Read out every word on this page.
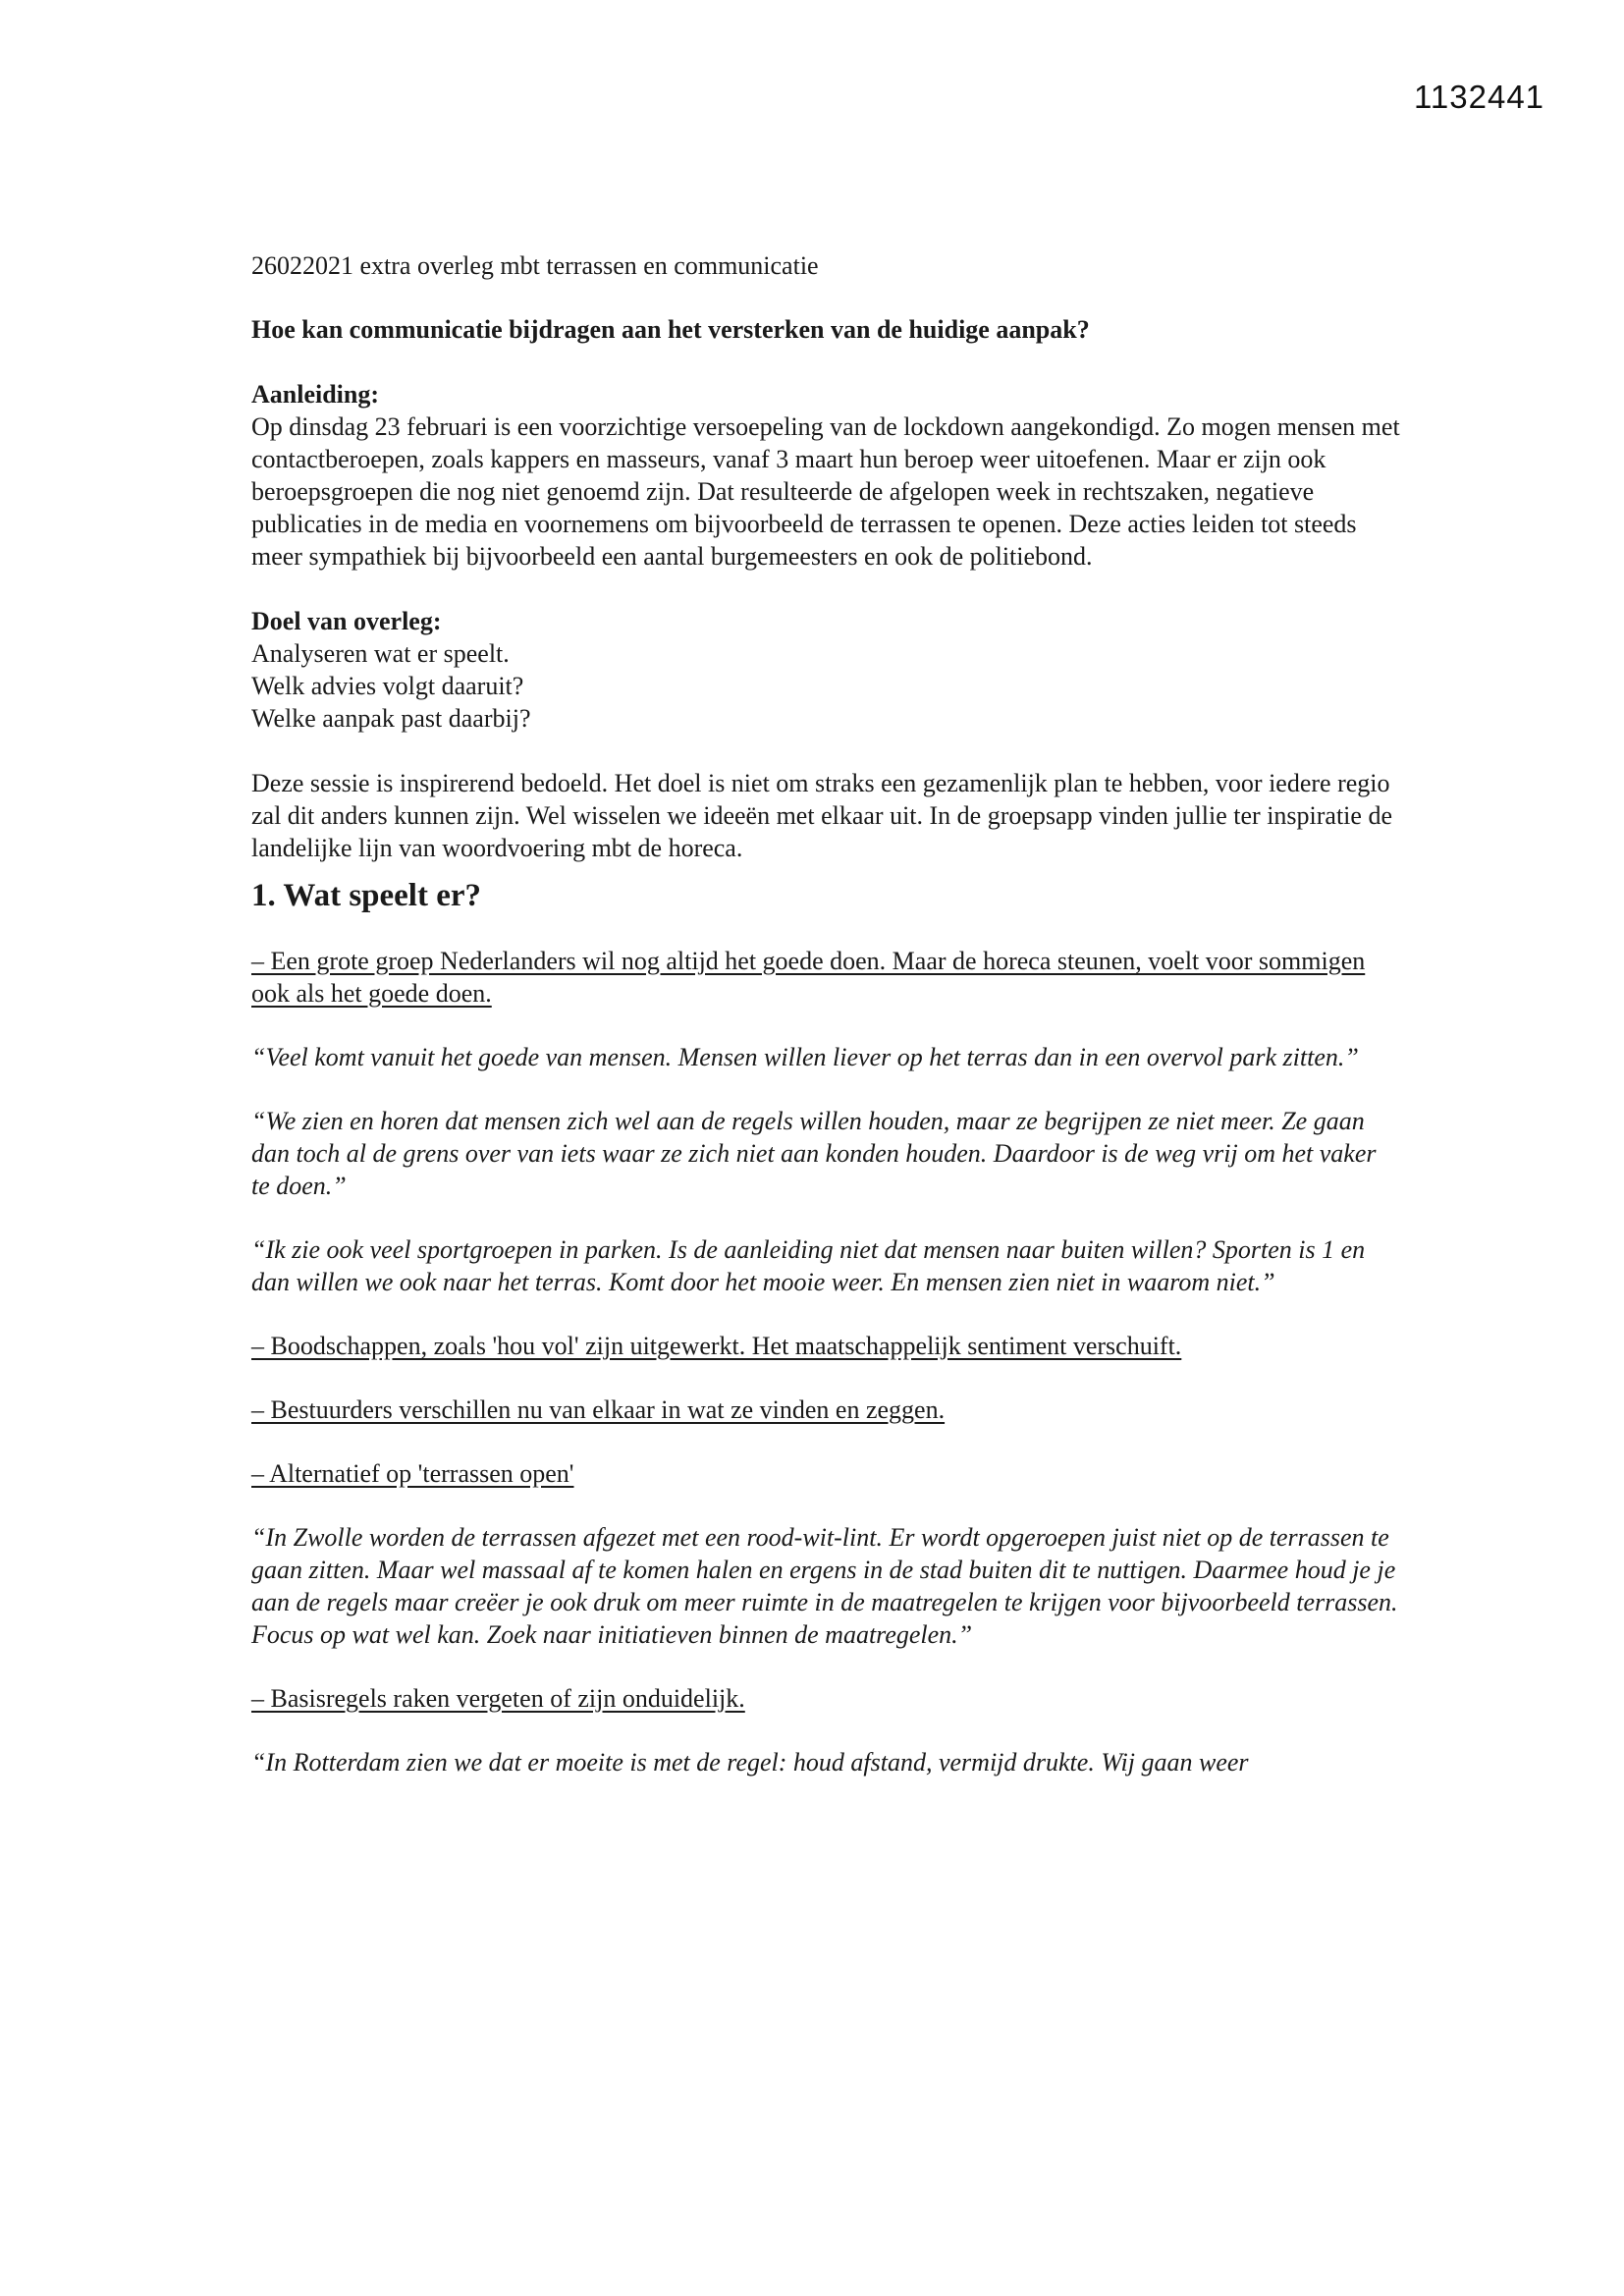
1132441

26022021 extra overleg mbt terrassen en communicatie

Hoe kan communicatie bijdragen aan het versterken van de huidige aanpak?

Aanleiding:

Op dinsdag 23 februari is een voorzichtige versoepeling van de lockdown aangekondigd. Zo mogen mensen met contactberoepen, zoals kappers en masseurs, vanaf 3 maart hun beroep weer uitoefenen. Maar er zijn ook beroepsgroepen die nog niet genoemd zijn. Dat resulteerde de afgelopen week in rechtszaken, negatieve publicaties in de media en voornemens om bijvoorbeeld de terrassen te openen. Deze acties leiden tot steeds meer sympathiek bij bijvoorbeeld een aantal burgemeesters en ook de politiebond.

Doel van overleg:

Analyseren wat er speelt.

Welk advies volgt daaruit?

Welke aanpak past daarbij?

Deze sessie is inspirerend bedoeld. Het doel is niet om straks een gezamenlijk plan te hebben, voor iedere regio zal dit anders kunnen zijn. Wel wisselen we ideeën met elkaar uit. In de groepsapp vinden jullie ter inspiratie de landelijke lijn van woordvoering mbt de horeca.

1. Wat speelt er?

– Een grote groep Nederlanders wil nog altijd het goede doen. Maar de horeca steunen, voelt voor sommigen ook als het goede doen.

“Veel komt vanuit het goede van mensen. Mensen willen liever op het terras dan in een overvol park zitten.”

“We zien en horen dat mensen zich wel aan de regels willen houden, maar ze begrijpen ze niet meer. Ze gaan dan toch al de grens over van iets waar ze zich niet aan konden houden. Daardoor is de weg vrij om het vaker te doen.”

“Ik zie ook veel sportgroepen in parken. Is de aanleiding niet dat mensen naar buiten willen? Sporten is 1 en dan willen we ook naar het terras. Komt door het mooie weer. En mensen zien niet in waarom niet.”

– Boodschappen, zoals 'hou vol' zijn uitgewerkt. Het maatschappelijk sentiment verschuift.

– Bestuurders verschillen nu van elkaar in wat ze vinden en zeggen.

– Alternatief op 'terrassen open'

“In Zwolle worden de terrassen afgezet met een rood-wit-lint. Er wordt opgeroepen juist niet op de terrassen te gaan zitten. Maar wel massaal af te komen halen en ergens in de stad buiten dit te nuttigen. Daarmee houd je je aan de regels maar creëer je ook druk om meer ruimte in de maatregelen te krijgen voor bijvoorbeeld terrassen. Focus op wat wel kan. Zoek naar initiatieven binnen de maatregelen.”

– Basisregels raken vergeten of zijn onduidelijk.

“In Rotterdam zien we dat er moeite is met de regel: houd afstand, vermijd drukte. Wij gaan weer
